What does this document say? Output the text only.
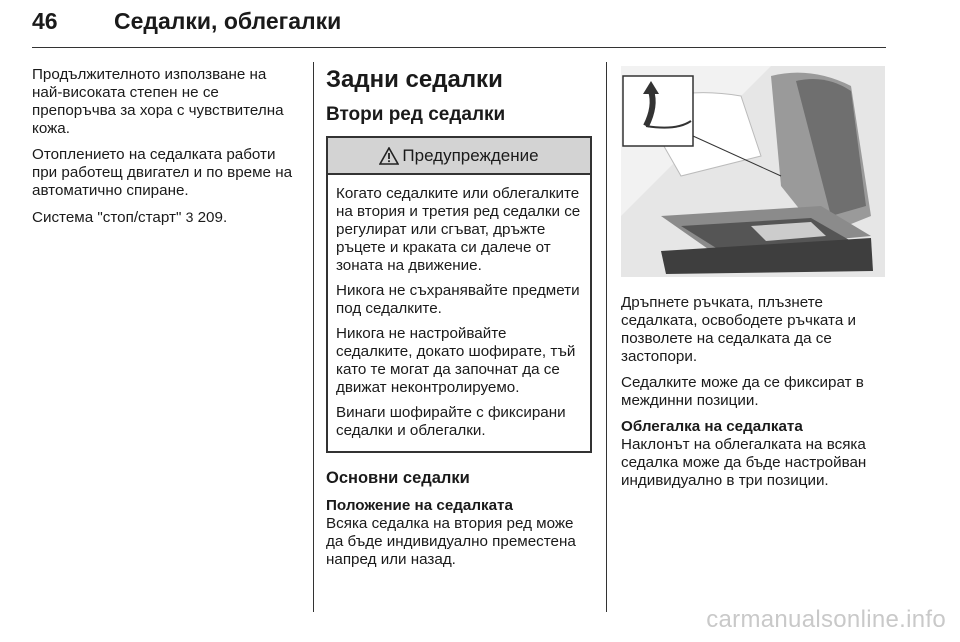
46 Седалки, облегалки

Продължителното използване на най-високата степен не се препоръчва за хора с чувствителна кожа.

Отоплението на седалката работи при работещ двигател и по време на автоматично спиране.

Система "стоп/старт" 3 209.

Задни седалки
Втори ред седалки
Предупреждение

Когато седалките или облегалките на втория и третия ред седалки се регулират или сгъват, дръжте ръцете и краката си далече от зоната на движение.

Никога не съхранявайте предмети под седалките.

Никога не настройвайте седалките, докато шофирате, тъй като те могат да започнат да се движат неконтролируемо.

Винаги шофирайте с фиксирани седалки и облегалки.

Основни седалки
Положение на седалката

Всяка седалка на втория ред може да бъде индивидуално преместена напред или назад.

Дръпнете ръчката, плъзнете седалката, освободете ръчката и позволете на седалката да се застопори.

Седалките може да се фиксират в междинни позиции.

Облегалка на седалката

Наклонът на облегалката на всяка седалка може да бъде настройван индивидуално в три позиции.

carmanualsonline.info
